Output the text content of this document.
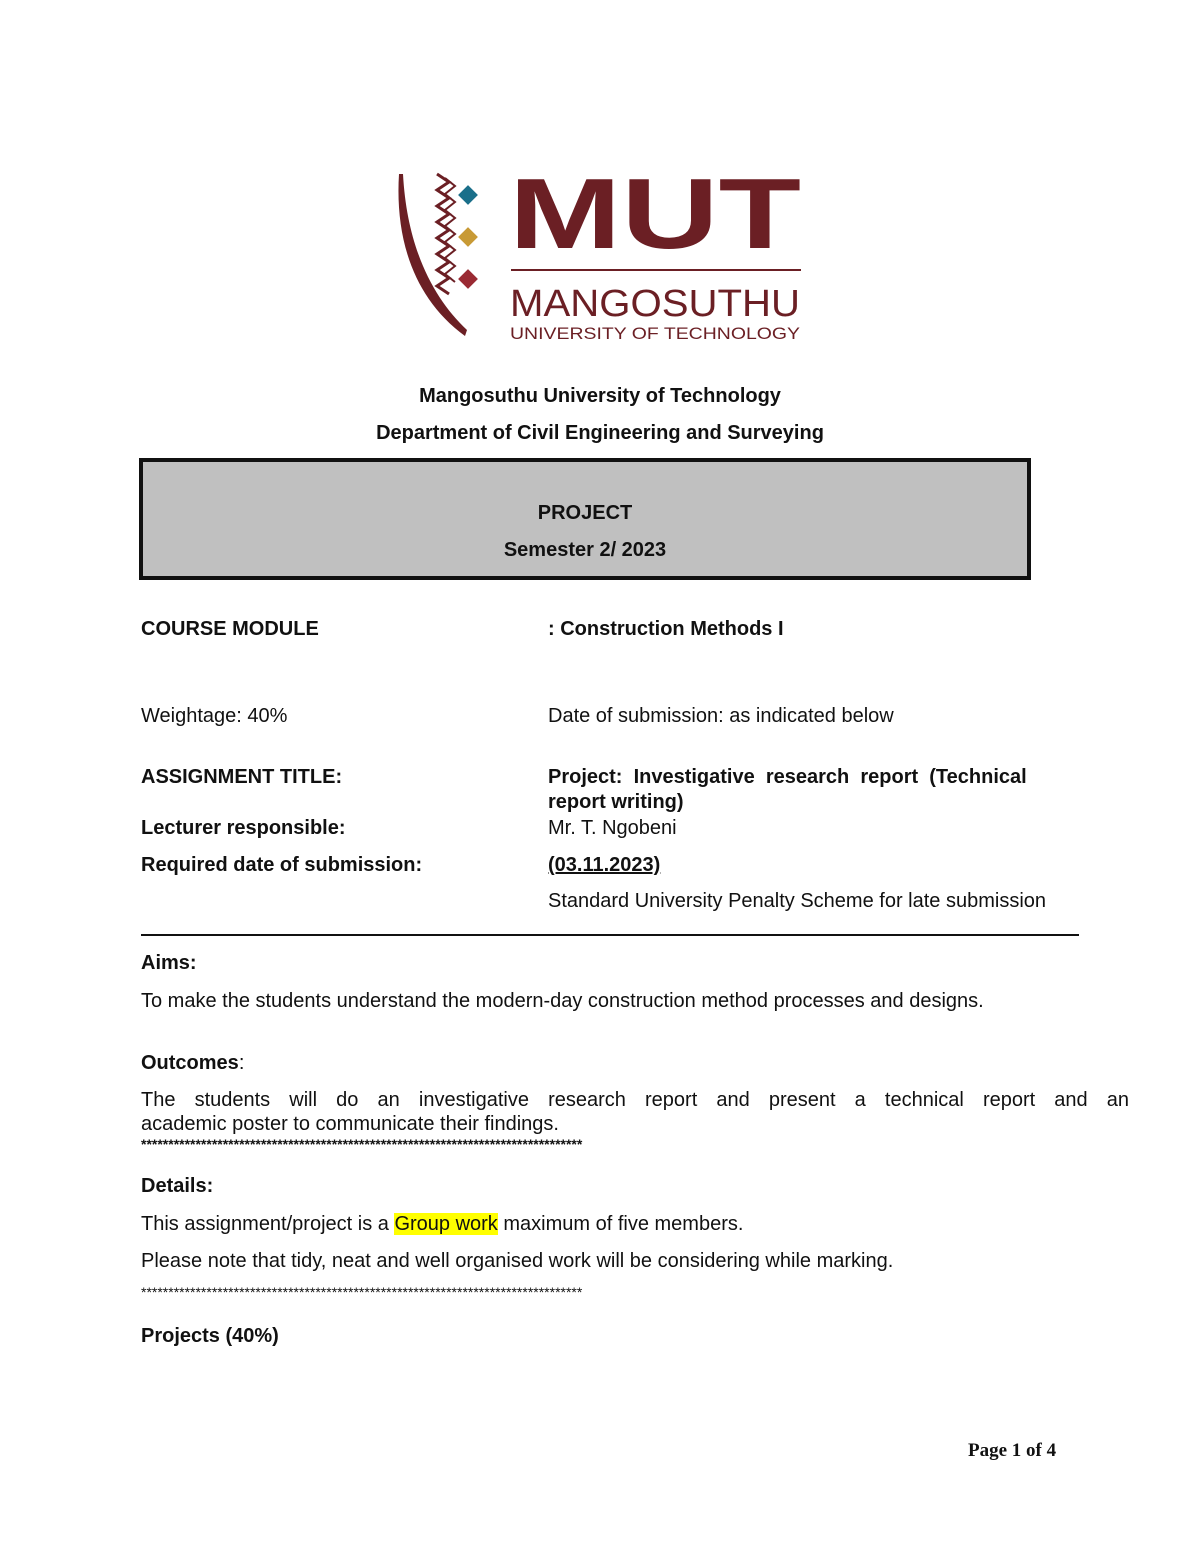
MUT
MANGOSUTHU
UNIVERSITY OF TECHNOLOGY
Mangosuthu University of Technology
Department of Civil Engineering and Surveying
PROJECT
Semester 2/ 2023
COURSE MODULE	: Construction Methods I
Weightage: 40%	Date of submission: as indicated below
ASSIGNMENT TITLE:	Project:  Investigative  research  report  (Technical
report writing)
Lecturer responsible:	Mr. T. Ngobeni
Required date of submission:	(03.11.2023)
Standard University Penalty Scheme for late submission
Aims:
To make the students understand the modern-day construction method processes and designs.
Outcomes:
The  students  will  do  an  investigative  research  report  and  present  a  technical  report  and  an
academic poster to communicate their findings.
*********************************************************************************
Details:
This assignment/project is a Group work maximum of five members.
Please note that tidy, neat and well organised work will be considering while marking.
*********************************************************************************
Projects (40%)
Page 1 of 4
